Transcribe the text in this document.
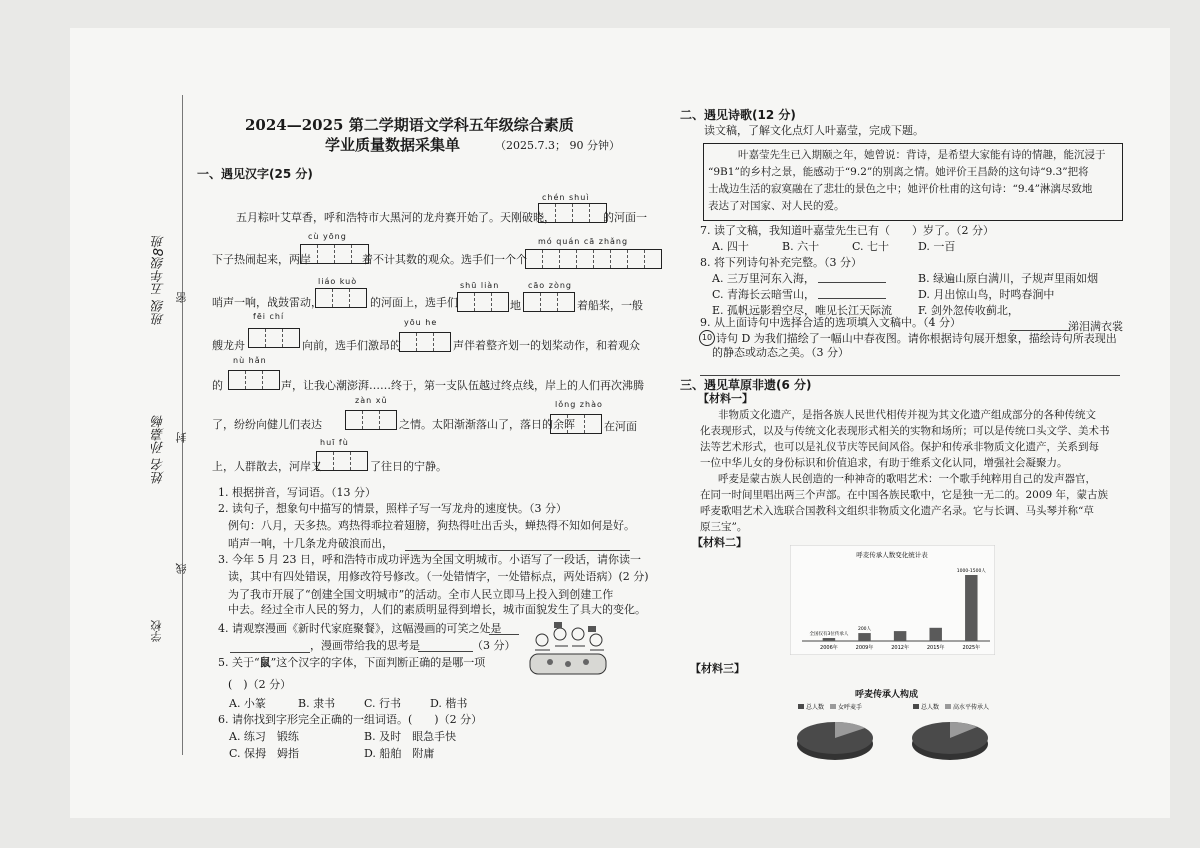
班级 五年级8班
密
姓名 孙嘉畅 封
线
学校
2024—2025 第二学期语文学科五年级综合素质
学业质量数据采集单	（2025.7.3； 90 分钟）
一、遇见汉字(25 分)
chén shuì
cù yōng
mó quán cā zhǎng
liáo kuò	shū liàn	cāo zòng
fēi chí
yōu he
nù hǎn
zàn xǔ	lǒng zhào
huī fù
五月粽叶艾草香，呼和浩特市大黑河的龙舟赛开始了。天刚破晓，	的河面一
下子热闹起来，两岸	着不计其数的观众。选手们一个个
哨声一响，战鼓雷动，	的河面上，选手们	地	着船桨，一般
艘龙舟	向前，选手们激昂的	声伴着整齐划一的划桨动作，和着观众
的	声，让我心潮澎湃……终于，第一支队伍越过终点线，岸上的人们再次沸腾
了，纷纷向健儿们表达	之情。太阳渐渐落山了，落日的余晖	在河面
上，人群散去，河岸又	了往日的宁静。
1. 根据拼音，写词语。（13 分）
2. 读句子，想象句中描写的情景，照样子写一写龙舟的速度快。（3 分）
例句：八月，天多热。鸡热得乖拉着翅膀，狗热得吐出舌头，蝉热得不知如何是好。
哨声一响，十几条龙舟破浪而出，
3. 今年 5 月 23 日，呼和浩特市成功评选为全国文明城市。小语写了一段话，请你读一
读，其中有四处错误，用修改符号修改。（一处错情字，一处错标点，两处语病）(2 分)
为了我市开展了“创建全国文明城市”的活动。全市人民立即马上投入到创建工作
中去。经过全市人民的努力，人们的素质明显得到增长，城市面貌发生了具大的变化。
4. 请观察漫画《新时代家庭聚餐》，这幅漫画的可笑之处是
，漫画带给我的思考是	（3 分）
5. 关于“鼠”这个汉字的字体，下面判断正确的是哪一项
(　)（2 分）
A. 小篆	B. 隶书	C. 行书	D. 楷书
6. 请你找到字形完全正确的一组词语。(　　)（2 分）
A. 练习　锻练	B. 及时　眼急手快
C. 保拇　姆指	D. 船舶　附庸
二、遇见诗歌(12 分)
读文稿，了解文化点灯人叶嘉莹，完成下题。
叶嘉莹先生已入期颐之年，她曾说：背诗，是希望大家能有诗的情趣，能沉浸于
“9B1”的乡村之景，能感动于“9.2”的别离之情。她评价王昌龄的这句诗“9.3”把将
士战边生活的寂寞融在了悲壮的景色之中；她评价杜甫的这句诗：“9.4”淋漓尽致地
表达了对国家、对人民的爱。
7. 读了文稿，我知道叶嘉莹先生已有（　　）岁了。（2 分）
A. 四十	B. 六十	C. 七十	D. 一百
8. 将下列诗句补充完整。（3 分）
A. 三万里河东入海，	B. 绿遍山原白满川，子规声里雨如烟
C. 青海长云暗雪山，	D. 月出惊山鸟，时鸣春涧中
E. 孤帆远影碧空尽，唯见长江天际流 F. 剑外忽传收蓟北，
涕泪满衣裳
9. 从上面诗句中选择合适的选项填入文稿中。（4 分）
10 诗句 D 为我们描绘了一幅山中春夜图。请你根据诗句展开想象，描绘诗句所表现出
的静态或动态之美。（3 分）
三、遇见草原非遗(6 分)
【材料一】
非物质文化遗产，是指各族人民世代相传并视为其文化遗产组成部分的各种传统文
化表现形式，以及与传统文化表现形式相关的实物和场所；可以是传统口头文学、美术书
法等艺术形式，也可以是礼仪节庆等民间风俗。保护和传承非物质文化遗产，关系到每
一位中华儿女的身份标识和价值追求，有助于维系文化认同，增强社会凝聚力。
呼麦是蒙古族人民创造的一种神奇的歌唱艺术：一个歌手纯粹用自己的发声器官，
在同一时间里唱出两三个声部。在中国各族民歌中，它是独一无二的。2009 年，蒙古族
呼麦歌唱艺术入选联合国教科文组织非物质文化遗产名录。它与长调、马头琴并称“草
原三宝”。
【材料二】
呼麦传承人数变化统计表
2006年
全国仅有3位传承人
2009年
200人
2012年	2015年	2025年
1000-1500人
【材料三】
呼麦传承人构成
总人数 女呼麦手	总人数 高水平传承人
